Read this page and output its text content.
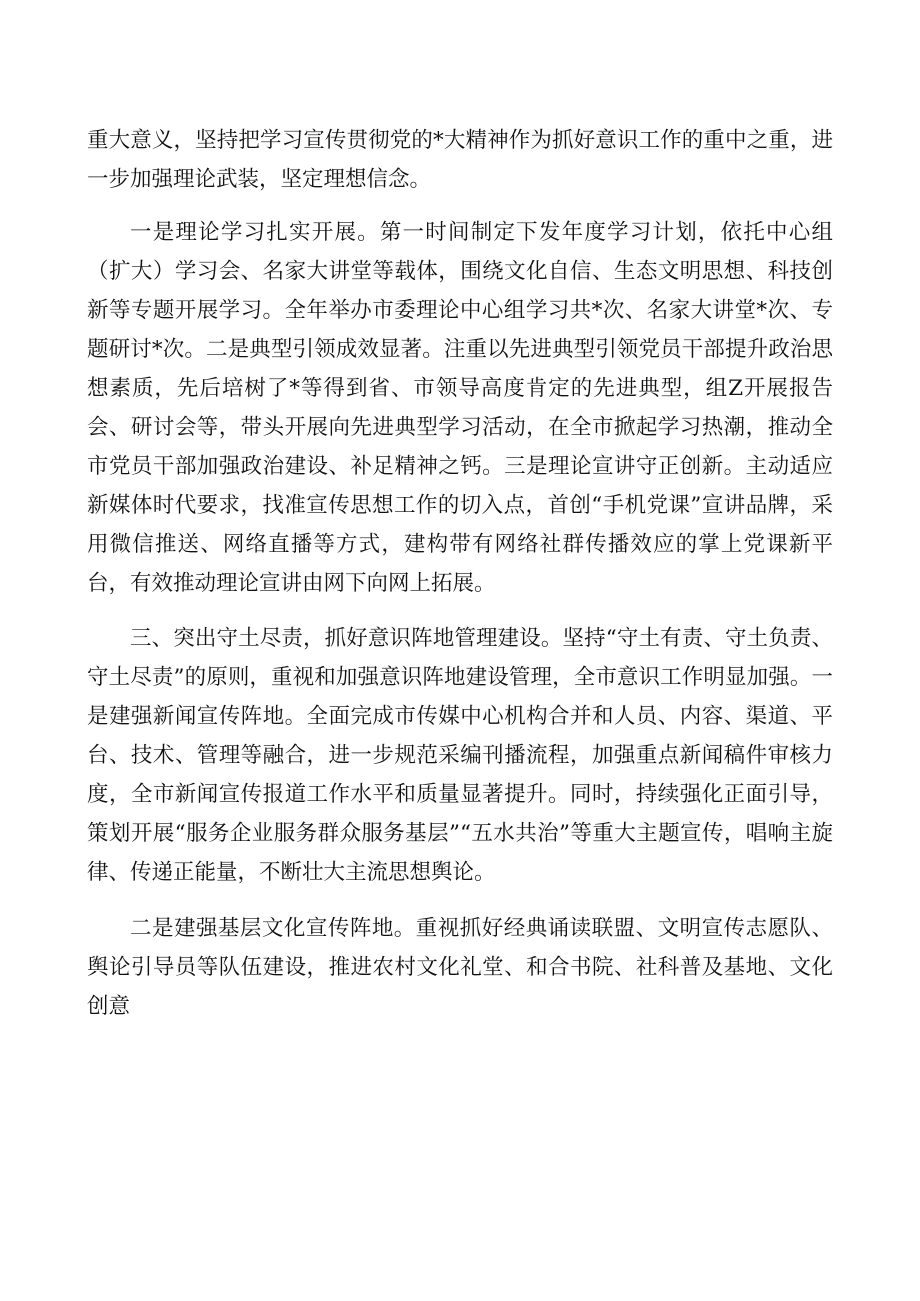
重大意义，坚持把学习宣传贯彻党的*大精神作为抓好意识工作的重中之重，进一步加强理论武装，坚定理想信念。

一是理论学习扎实开展。第一时间制定下发年度学习计划，依托中心组（扩大）学习会、名家大讲堂等载体，围绕文化自信、生态文明思想、科技创新等专题开展学习。全年举办市委理论中心组学习共*次、名家大讲堂*次、专题研讨*次。二是典型引领成效显著。注重以先进典型引领党员干部提升政治思想素质，先后培树了*等得到省、市领导高度肯定的先进典型，组Z开展报告会、研讨会等，带头开展向先进典型学习活动，在全市掀起学习热潮，推动全市党员干部加强政治建设、补足精神之钙。三是理论宣讲守正创新。主动适应新媒体时代要求，找准宣传思想工作的切入点，首创“手机党课”宣讲品牌，采用微信推送、网络直播等方式，建构带有网络社群传播效应的掌上党课新平台，有效推动理论宣讲由网下向网上拓展。

三、突出守土尽责，抓好意识阵地管理建设。坚持“守土有责、守土负责、守土尽责”的原则，重视和加强意识阵地建设管理，全市意识工作明显加强。一是建强新闻宣传阵地。全面完成市传媒中心机构合并和人员、内容、渠道、平台、技术、管理等融合，进一步规范采编刊播流程，加强重点新闻稿件审核力度，全市新闻宣传报道工作水平和质量显著提升。同时，持续强化正面引导，策划开展“服务企业服务群众服务基层”“五水共治”等重大主题宣传，唱响主旋律、传递正能量，不断壮大主流思想舆论。

二是建强基层文化宣传阵地。重视抓好经典诵读联盟、文明宣传志愿队、舆论引导员等队伍建设，推进农村文化礼堂、和合书院、社科普及基地、文化创意
